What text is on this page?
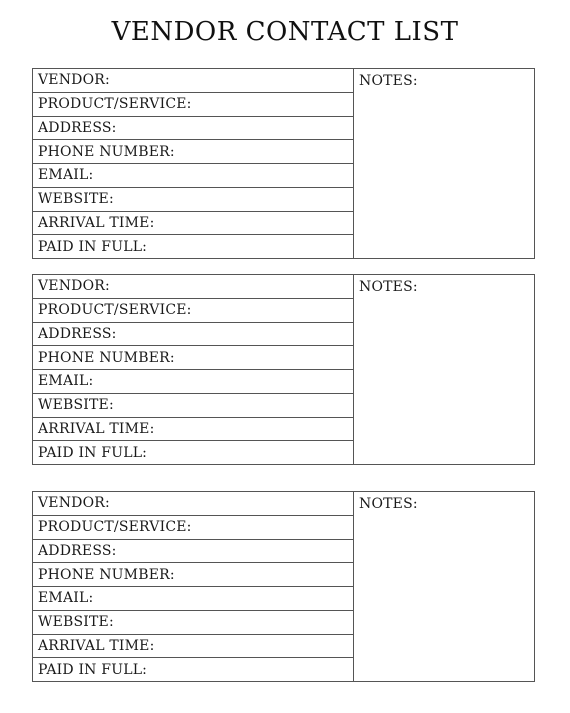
VENDOR CONTACT LIST
VENDOR:
PRODUCT/SERVICE:
ADDRESS:
PHONE NUMBER:
EMAIL:
WEBSITE:
ARRIVAL TIME:
PAID IN FULL:
NOTES:
VENDOR:
PRODUCT/SERVICE:
ADDRESS:
PHONE NUMBER:
EMAIL:
WEBSITE:
ARRIVAL TIME:
PAID IN FULL:
NOTES:
VENDOR:
PRODUCT/SERVICE:
ADDRESS:
PHONE NUMBER:
EMAIL:
WEBSITE:
ARRIVAL TIME:
PAID IN FULL:
NOTES:
